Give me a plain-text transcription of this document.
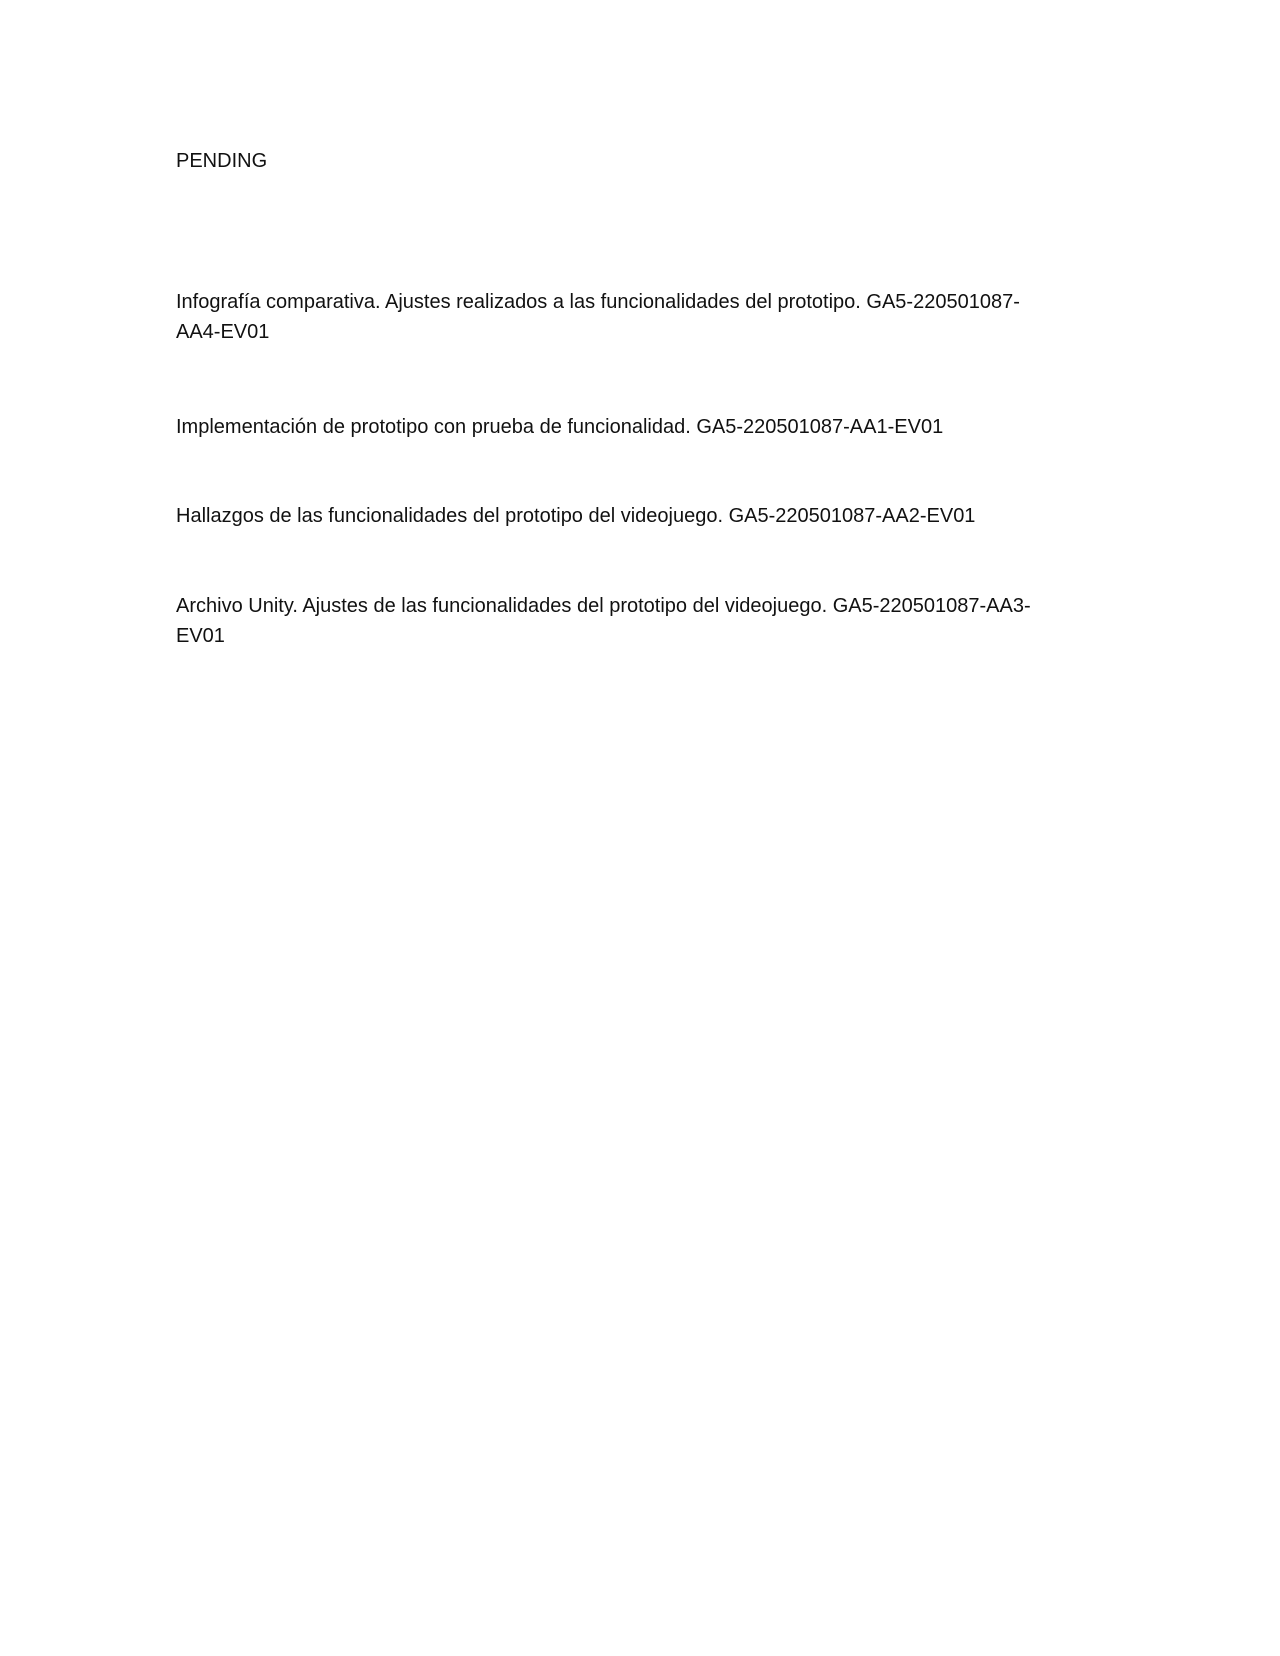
PENDING

Infografía comparativa. Ajustes realizados a las funcionalidades del prototipo. GA5-220501087-
AA4-EV01
Implementación de prototipo con prueba de funcionalidad. GA5-220501087-AA1-EV01
Hallazgos de las funcionalidades del prototipo del videojuego. GA5-220501087-AA2-EV01
Archivo Unity. Ajustes de las funcionalidades del prototipo del videojuego. GA5-220501087-AA3-
EV01
